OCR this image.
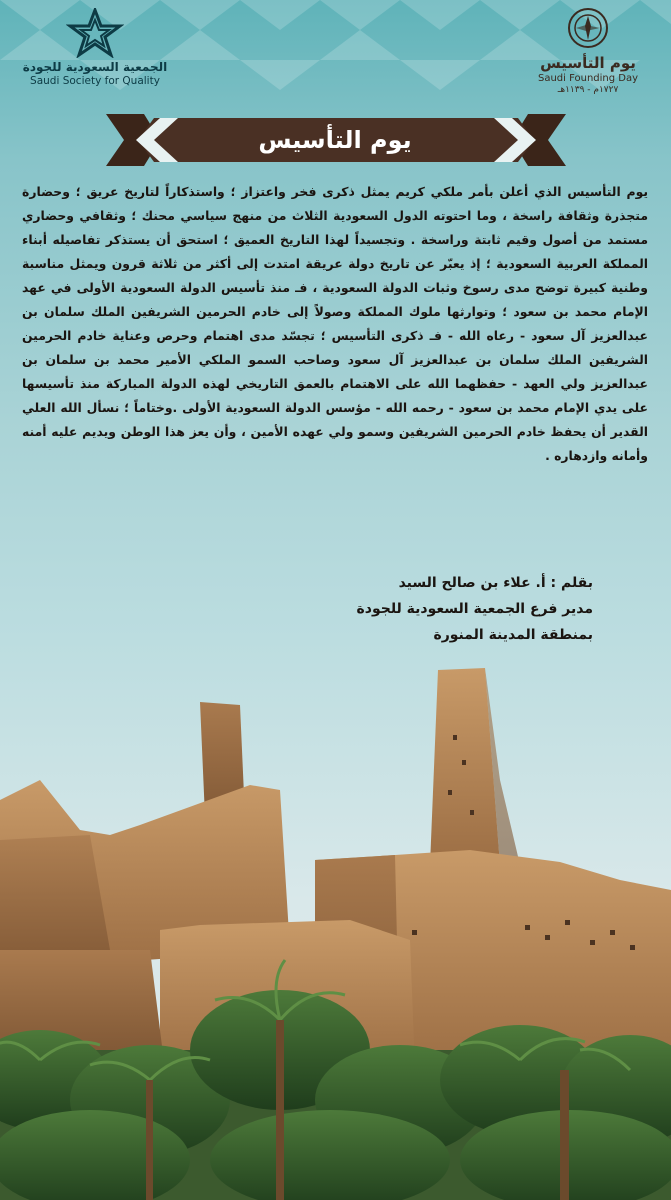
الجمعية السعودية للجودة
Saudi Society for Quality
يوم التأسيس
Saudi Founding Day
١٧٢٧م - ١١٣٩هـ
يوم التأسيس

يوم التأسيس الذي أعلن بأمر ملكي كريم يمثل ذكرى فخر واعتزاز ؛ واستذكاراً لتاريخ عريق ؛ وحضارة متجذرة وثقافة راسخة ، وما احتوته الدول السعودية الثلاث من منهج سياسي محنك ؛ وثقافي وحضاري مستمد من أصول وقيم ثابتة وراسخة . وتجسيداً لهذا التاريخ العميق ؛ استحق أن يستذكر تفاصيله أبناء المملكة العربية السعودية ؛ إذ يعبّر عن تاريخ دولة عريقة امتدت إلى أكثر من ثلاثة قرون ويمثل مناسبة وطنية كبيرة توضح مدى رسوخ وثبات الدولة السعودية ، فـ منذ تأسيس الدولة السعودية الأولى في عهد الإمام محمد بن سعود ؛ وتوارثها ملوك المملكة وصولاً إلى خادم الحرمين الشريفين الملك سلمان بن عبدالعزيز آل سعود - رعاه الله - فـ ذكرى التأسيس ؛ تجسّد مدى اهتمام وحرص وعناية خادم الحرمين الشريفين الملك سلمان بن عبدالعزيز آل سعود وصاحب السمو الملكي الأمير محمد بن سلمان بن عبدالعزيز ولي العهد - حفظهما الله على الاهتمام بالعمق التاريخي لهذه الدولة المباركة منذ تأسيسها على يدي الإمام محمد بن سعود - رحمه الله - مؤسس الدولة السعودية الأولى .وختاماً ؛ نسأل الله العلي القدير أن يحفظ خادم الحرمين الشريفين وسمو ولي عهده الأمين ، وأن يعز هذا الوطن ويديم عليه أمنه وأمانه وازدهاره .

بقلم : أ. علاء بن صالح السيد
مدير فرع الجمعية السعودية للجودة
بمنطقة المدينة المنورة
